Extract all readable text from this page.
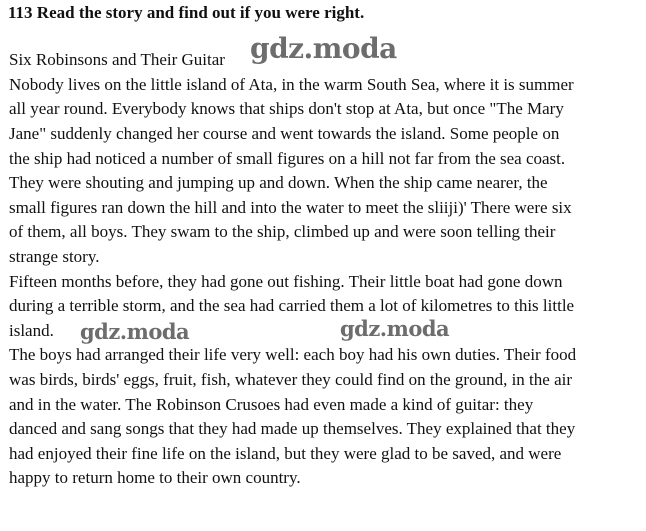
113 Read the story and find out if you were right.
Six Robinsons and Their Guitar
Nobody lives on the little island of Ata, in the warm South Sea, where it is summer
all year round. Everybody knows that ships don't stop at Ata, but once "The Mary
Jane" suddenly changed her course and went towards the island. Some people on
the ship had noticed a number of small figures on a hill not far from the sea coast.
They were shouting and jumping up and down. When the ship came nearer, the
small figures ran down the hill and into the water to meet the sliiji)' There were six
of them, all boys. They swam to the ship, climbed up and were soon telling their
strange story.
Fifteen months before, they had gone out fishing. Their little boat had gone down
during a terrible storm, and the sea had carried them a lot of kilometres to this little
island.
The boys had arranged their life very well: each boy had his own duties. Their food
was birds, birds' eggs, fruit, fish, whatever they could find on the ground, in the air
and in the water. The Robinson Crusoes had even made a kind of guitar: they
danced and sang songs that they had made up themselves. They explained that they
had enjoyed their fine life on the island, but they were glad to be saved, and were
happy to return home to their own country.
gdz.moda
gdz.moda	gdz.moda
